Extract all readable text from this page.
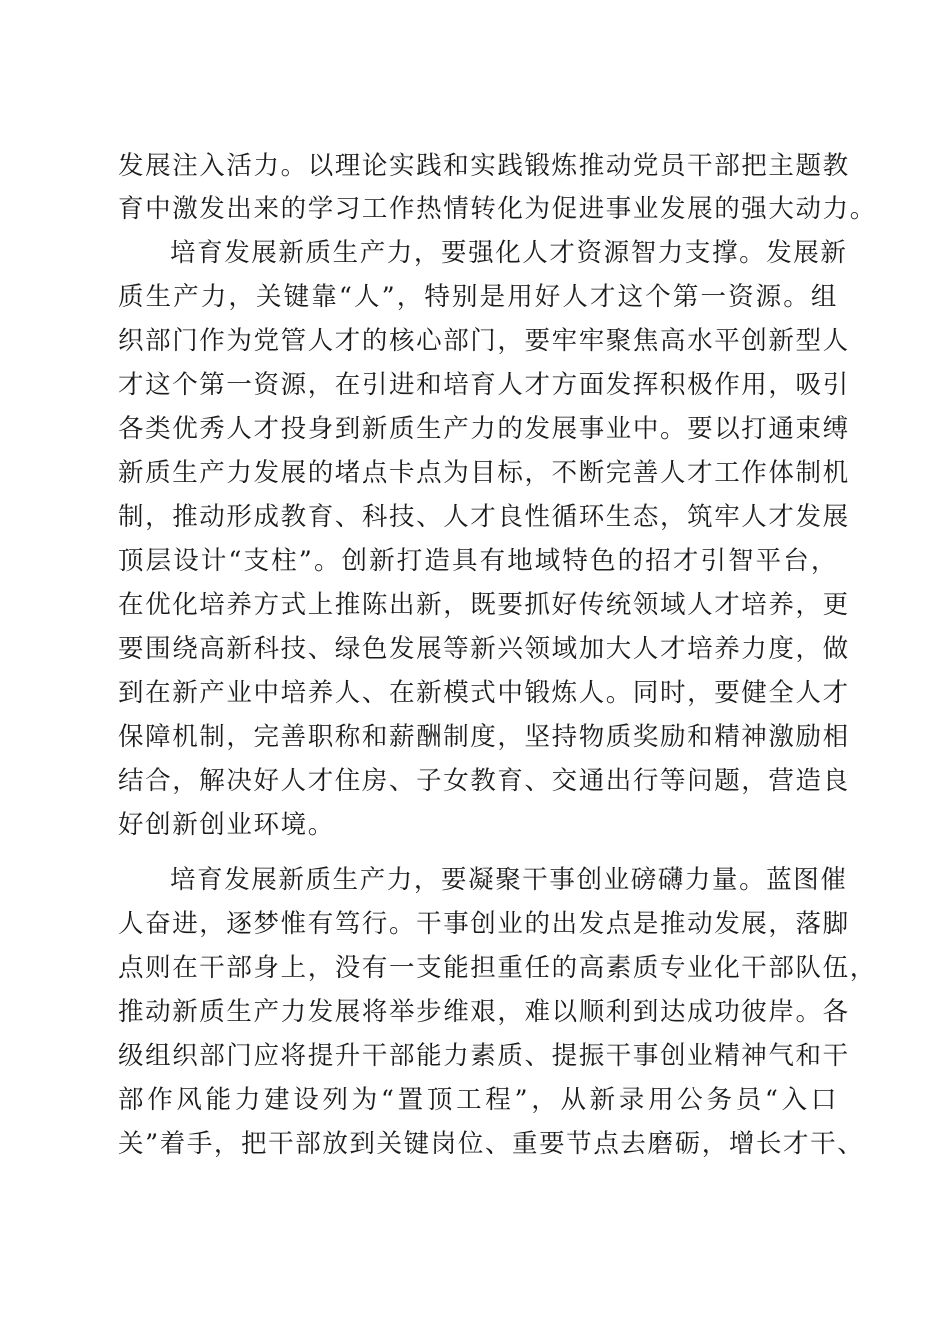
发展注入活力。以理论实践和实践锻炼推动党员干部把主题教
育中激发出来的学习工作热情转化为促进事业发展的强大动力。
培育发展新质生产力，要强化人才资源智力支撑。发展新
质生产力，关键靠“人”，特别是用好人才这个第一资源。组
织部门作为党管人才的核心部门，要牢牢聚焦高水平创新型人
才这个第一资源，在引进和培育人才方面发挥积极作用，吸引
各类优秀人才投身到新质生产力的发展事业中。要以打通束缚
新质生产力发展的堵点卡点为目标，不断完善人才工作体制机
制，推动形成教育、科技、人才良性循环生态，筑牢人才发展
顶层设计“支柱”。创新打造具有地域特色的招才引智平台，
在优化培养方式上推陈出新，既要抓好传统领域人才培养，更
要围绕高新科技、绿色发展等新兴领域加大人才培养力度，做
到在新产业中培养人、在新模式中锻炼人。同时，要健全人才
保障机制，完善职称和薪酬制度，坚持物质奖励和精神激励相
结合，解决好人才住房、子女教育、交通出行等问题，营造良
好创新创业环境。
培育发展新质生产力，要凝聚干事创业磅礴力量。蓝图催
人奋进，逐梦惟有笃行。干事创业的出发点是推动发展，落脚
点则在干部身上，没有一支能担重任的高素质专业化干部队伍，
推动新质生产力发展将举步维艰，难以顺利到达成功彼岸。各
级组织部门应将提升干部能力素质、提振干事创业精神气和干
部作风能力建设列为“置顶工程”，从新录用公务员“入口
关”着手，把干部放到关键岗位、重要节点去磨砺，增长才干、
